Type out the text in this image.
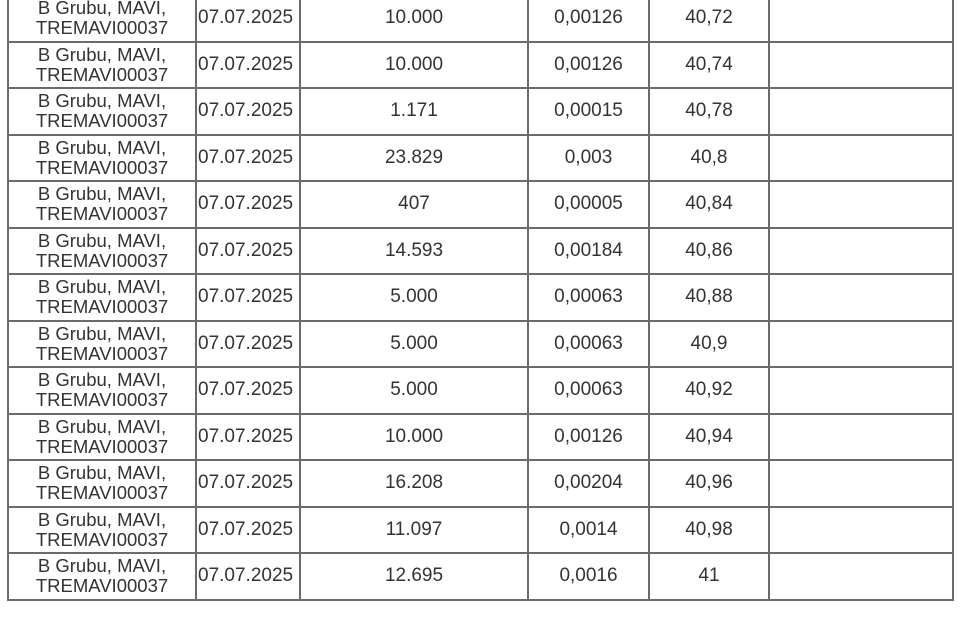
B Grubu, MAVI,
TREMAVI00037	07.07.2025	10.000	0,00126	40,72	

B Grubu, MAVI,
TREMAVI00037	07.07.2025	10.000	0,00126	40,74	

B Grubu, MAVI,
TREMAVI00037	07.07.2025	1.171	0,00015	40,78	

B Grubu, MAVI,
TREMAVI00037	07.07.2025	23.829	0,003	40,8	

B Grubu, MAVI,
TREMAVI00037	07.07.2025	407	0,00005	40,84	

B Grubu, MAVI,
TREMAVI00037	07.07.2025	14.593	0,00184	40,86	

B Grubu, MAVI,
TREMAVI00037	07.07.2025	5.000	0,00063	40,88	

B Grubu, MAVI,
TREMAVI00037	07.07.2025	5.000	0,00063	40,9	

B Grubu, MAVI,
TREMAVI00037	07.07.2025	5.000	0,00063	40,92	

B Grubu, MAVI,
TREMAVI00037	07.07.2025	10.000	0,00126	40,94	

B Grubu, MAVI,
TREMAVI00037	07.07.2025	16.208	0,00204	40,96	

B Grubu, MAVI,
TREMAVI00037	07.07.2025	11.097	0,0014	40,98	

B Grubu, MAVI,
TREMAVI00037	07.07.2025	12.695	0,0016	41	
